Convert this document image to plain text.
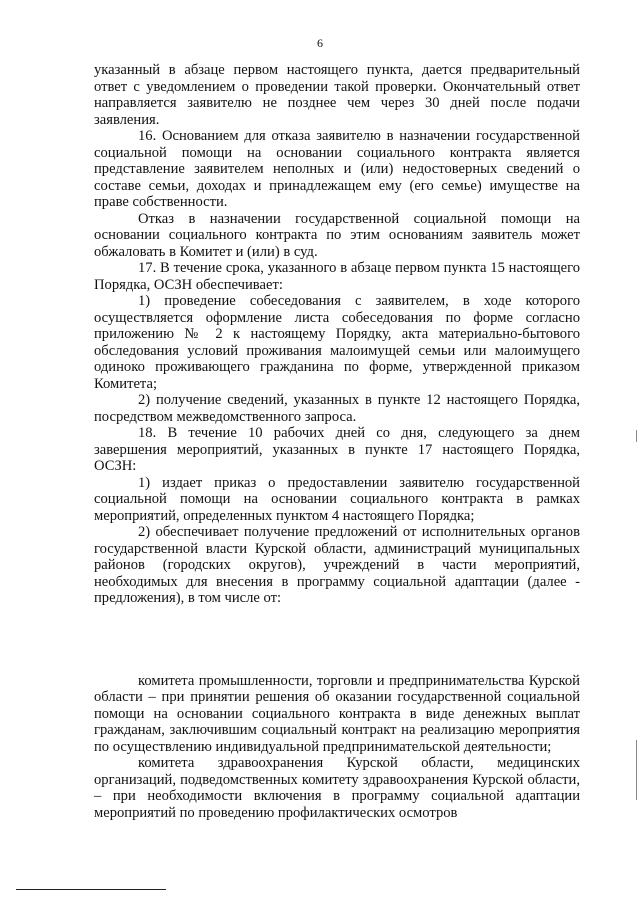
6

указанный в абзаце первом настоящего пункта, дается предварительный ответ с уведомлением о проведении такой проверки. Окончательный ответ направляется заявителю не позднее чем через 30 дней после подачи заявления.

16. Основанием для отказа заявителю в назначении государственной социальной помощи на основании социального контракта является представление заявителем неполных и (или) недостоверных сведений о составе семьи, доходах и принадлежащем ему (его семье) имуществе на праве собственности.

Отказ в назначении государственной социальной помощи на основании социального контракта по этим основаниям заявитель может обжаловать в Комитет и (или) в суд.

17. В течение срока, указанного в абзаце первом пункта 15 настоящего Порядка, ОСЗН обеспечивает:

1) проведение собеседования с заявителем, в ходе которого осуществляется оформление листа собеседования по форме согласно приложению № 2 к настоящему Порядку, акта материально-бытового обследования условий проживания малоимущей семьи или малоимущего одиноко проживающего гражданина по форме, утвержденной приказом Комитета;

2) получение сведений, указанных в пункте 12 настоящего Порядка, посредством межведомственного запроса.

18. В течение 10 рабочих дней со дня, следующего за днем завершения мероприятий, указанных в пункте 17 настоящего Порядка, ОСЗН:

1) издает приказ о предоставлении заявителю государственной социальной помощи на основании социального контракта в рамках мероприятий, определенных пунктом 4 настоящего Порядка;

2) обеспечивает получение предложений от исполнительных органов государственной власти Курской области, администраций муниципальных районов (городских округов), учреждений в части мероприятий, необходимых для внесения в программу социальной адаптации (далее - предложения), в том числе от:

комитета промышленности, торговли и предпринимательства Курской области – при принятии решения об оказании государственной социальной помощи на основании социального контракта в виде денежных выплат гражданам, заключившим социальный контракт на реализацию мероприятия по осуществлению индивидуальной предпринимательской деятельности;

комитета здравоохранения Курской области, медицинских организаций, подведомственных комитету здравоохранения Курской области, – при необходимости включения в программу социальной адаптации мероприятий по проведению профилактических осмотров
